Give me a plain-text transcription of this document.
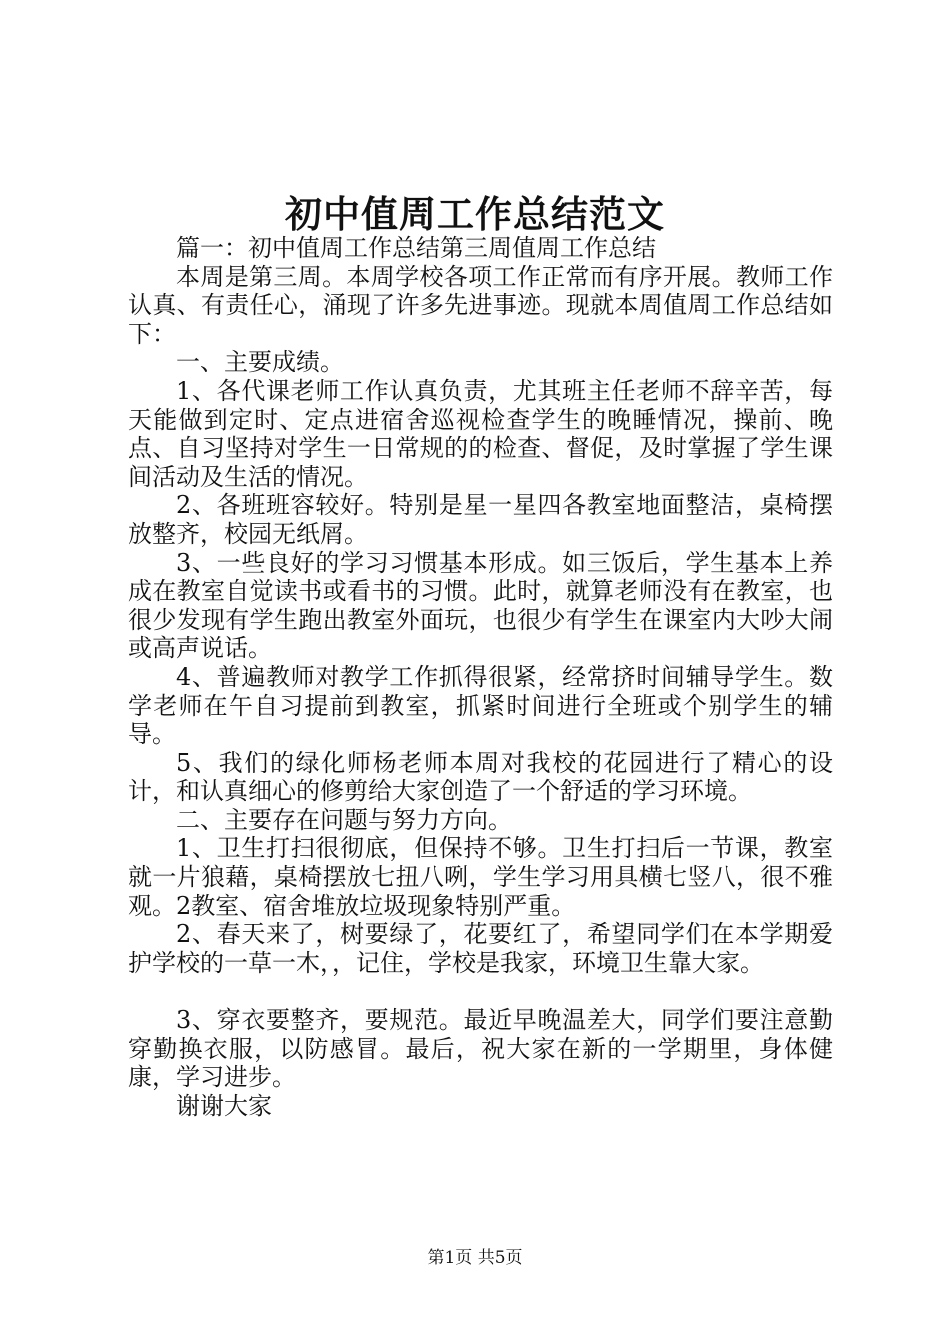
初中值周工作总结范文

篇一：初中值周工作总结第三周值周工作总结

本周是第三周。本周学校各项工作正常而有序开展。教师工作认真、有责任心，涌现了许多先进事迹。现就本周值周工作总结如下：

一、主要成绩。

1、各代课老师工作认真负责，尤其班主任老师不辞辛苦，每天能做到定时、定点进宿舍巡视检查学生的晚睡情况，操前、晚点、自习坚持对学生一日常规的的检查、督促，及时掌握了学生课间活动及生活的情况。

2、各班班容较好。特别是星一星四各教室地面整洁，桌椅摆放整齐，校园无纸屑。

3、一些良好的学习习惯基本形成。如三饭后，学生基本上养成在教室自觉读书或看书的习惯。此时，就算老师没有在教室，也很少发现有学生跑出教室外面玩，也很少有学生在课室内大吵大闹或高声说话。

4、普遍教师对教学工作抓得很紧，经常挤时间辅导学生。数学老师在午自习提前到教室，抓紧时间进行全班或个别学生的辅导。

5、我们的绿化师杨老师本周对我校的花园进行了精心的设计，和认真细心的修剪给大家创造了一个舒适的学习环境。

二、主要存在问题与努力方向。

1、卫生打扫很彻底，但保持不够。卫生打扫后一节课，教室就一片狼藉，桌椅摆放七扭八咧，学生学习用具横七竖八，很不雅观。2教室、宿舍堆放垃圾现象特别严重。

2、春天来了，树要绿了，花要红了，希望同学们在本学期爱护学校的一草一木，，记住，学校是我家，环境卫生靠大家。

3、穿衣要整齐，要规范。最近早晚温差大，同学们要注意勤穿勤换衣服，以防感冒。最后，祝大家在新的一学期里，身体健康，学习进步。

谢谢大家

第1页 共5页
